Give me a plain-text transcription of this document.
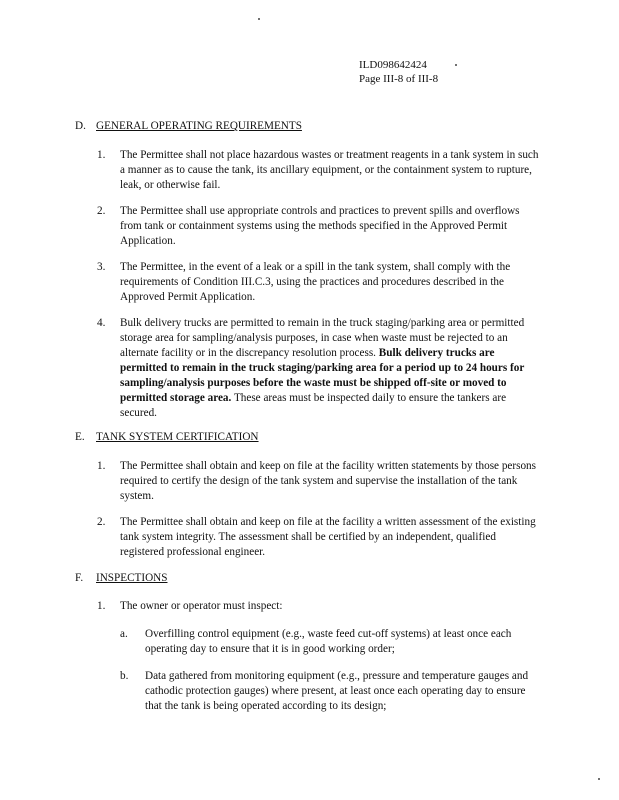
ILD098642424
Page III-8 of III-8
D. GENERAL OPERATING REQUIREMENTS
1. The Permittee shall not place hazardous wastes or treatment reagents in a tank system in such a manner as to cause the tank, its ancillary equipment, or the containment system to rupture, leak, or otherwise fail.

2. The Permittee shall use appropriate controls and practices to prevent spills and overflows from tank or containment systems using the methods specified in the Approved Permit Application.

3. The Permittee, in the event of a leak or a spill in the tank system, shall comply with the requirements of Condition III.C.3, using the practices and procedures described in the Approved Permit Application.

4. Bulk delivery trucks are permitted to remain in the truck staging/parking area or permitted storage area for sampling/analysis purposes, in case when waste must be rejected to an alternate facility or in the discrepancy resolution process. Bulk delivery trucks are permitted to remain in the truck staging/parking area for a period up to 24 hours for sampling/analysis purposes before the waste must be shipped off-site or moved to permitted storage area. These areas must be inspected daily to ensure the tankers are secured.

E. TANK SYSTEM CERTIFICATION
1. The Permittee shall obtain and keep on file at the facility written statements by those persons required to certify the design of the tank system and supervise the installation of the tank system.

2. The Permittee shall obtain and keep on file at the facility a written assessment of the existing tank system integrity. The assessment shall be certified by an independent, qualified registered professional engineer.

F. INSPECTIONS
1. The owner or operator must inspect:

a. Overfilling control equipment (e.g., waste feed cut-off systems) at least once each operating day to ensure that it is in good working order;

b. Data gathered from monitoring equipment (e.g., pressure and temperature gauges and cathodic protection gauges) where present, at least once each operating day to ensure that the tank is being operated according to its design;
